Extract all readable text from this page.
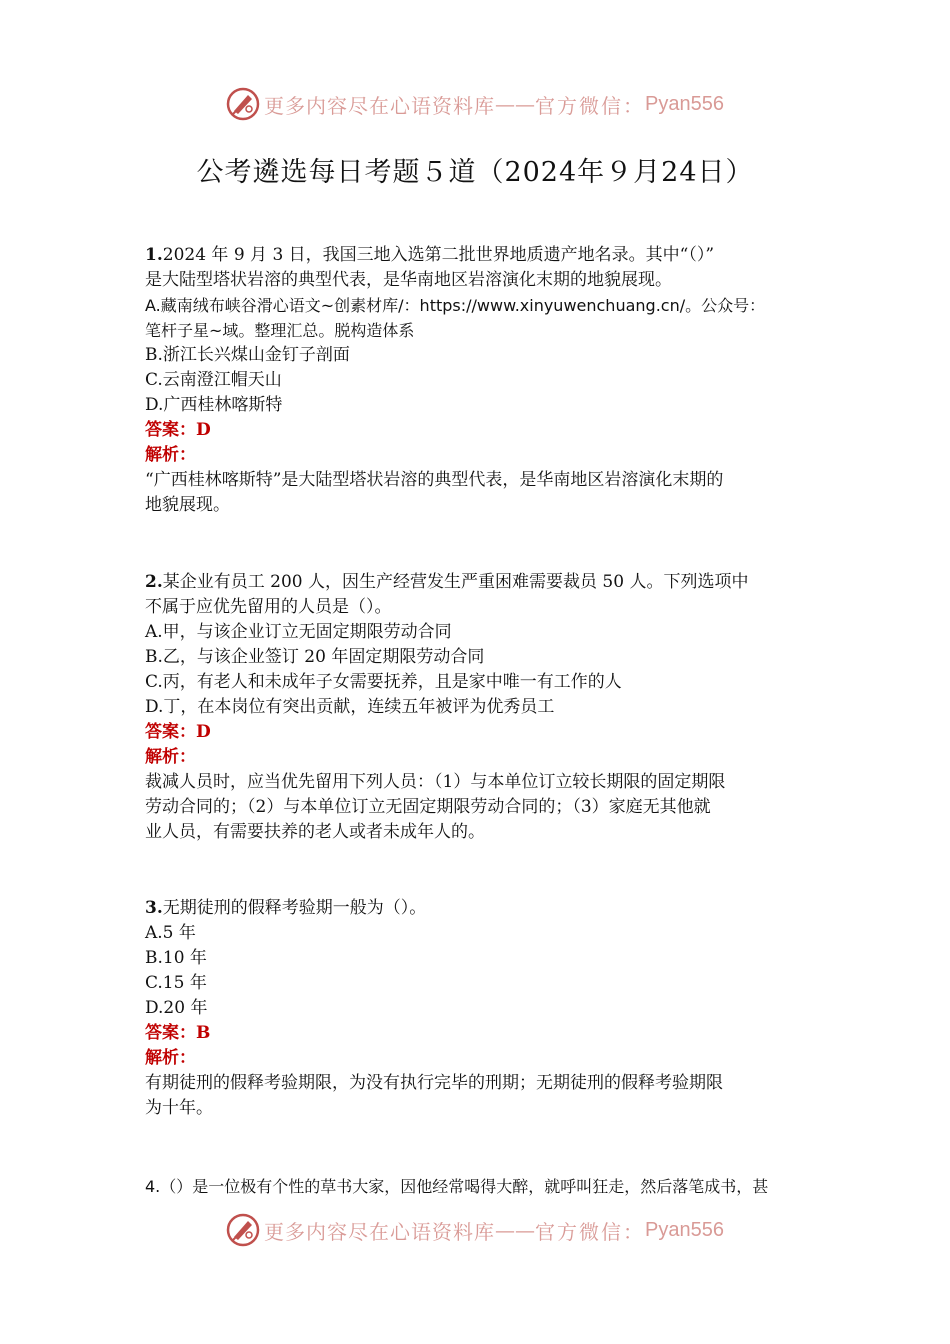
更多内容尽在心语资料库 —— 官方微信： Pyan556
公考遴选每日考题５道（2024年９月24日）
1.2024 年 9 月 3 日，我国三地入选第二批世界地质遗产地名录。其中“（）”
是大陆型塔状岩溶的典型代表，是华南地区岩溶演化末期的地貌展现。
A.藏南绒布峡谷滑心语文~创素材库/：https://www.xinyuwenchuang.cn/。公众号：
笔杆子星~域。整理汇总。脱构造体系
B.浙江长兴煤山金钉子剖面
C.云南澄江帽天山
D.广西桂林喀斯特
答案：D
解析：
“广西桂林喀斯特”是大陆型塔状岩溶的典型代表，是华南地区岩溶演化末期的
地貌展现。
2.某企业有员工 200 人，因生产经营发生严重困难需要裁员 50 人。下列选项中
不属于应优先留用的人员是（）。
A.甲，与该企业订立无固定期限劳动合同
B.乙，与该企业签订 20 年固定期限劳动合同
C.丙，有老人和未成年子女需要抚养，且是家中唯一有工作的人
D.丁，在本岗位有突出贡献，连续五年被评为优秀员工
答案：D
解析：
裁减人员时，应当优先留用下列人员：（1）与本单位订立较长期限的固定期限
劳动合同的；（2）与本单位订立无固定期限劳动合同的；（3）家庭无其他就
业人员，有需要扶养的老人或者未成年人的。
3.无期徒刑的假释考验期一般为（）。
A.5 年
B.10 年
C.15 年
D.20 年
答案：B
解析：
有期徒刑的假释考验期限，为没有执行完毕的刑期；无期徒刑的假释考验期限
为十年。
4.（）是一位极有个性的草书大家，因他经常喝得大醉，就呼叫狂走，然后落笔成书，甚
更多内容尽在心语资料库 —— 官方微信： Pyan556
